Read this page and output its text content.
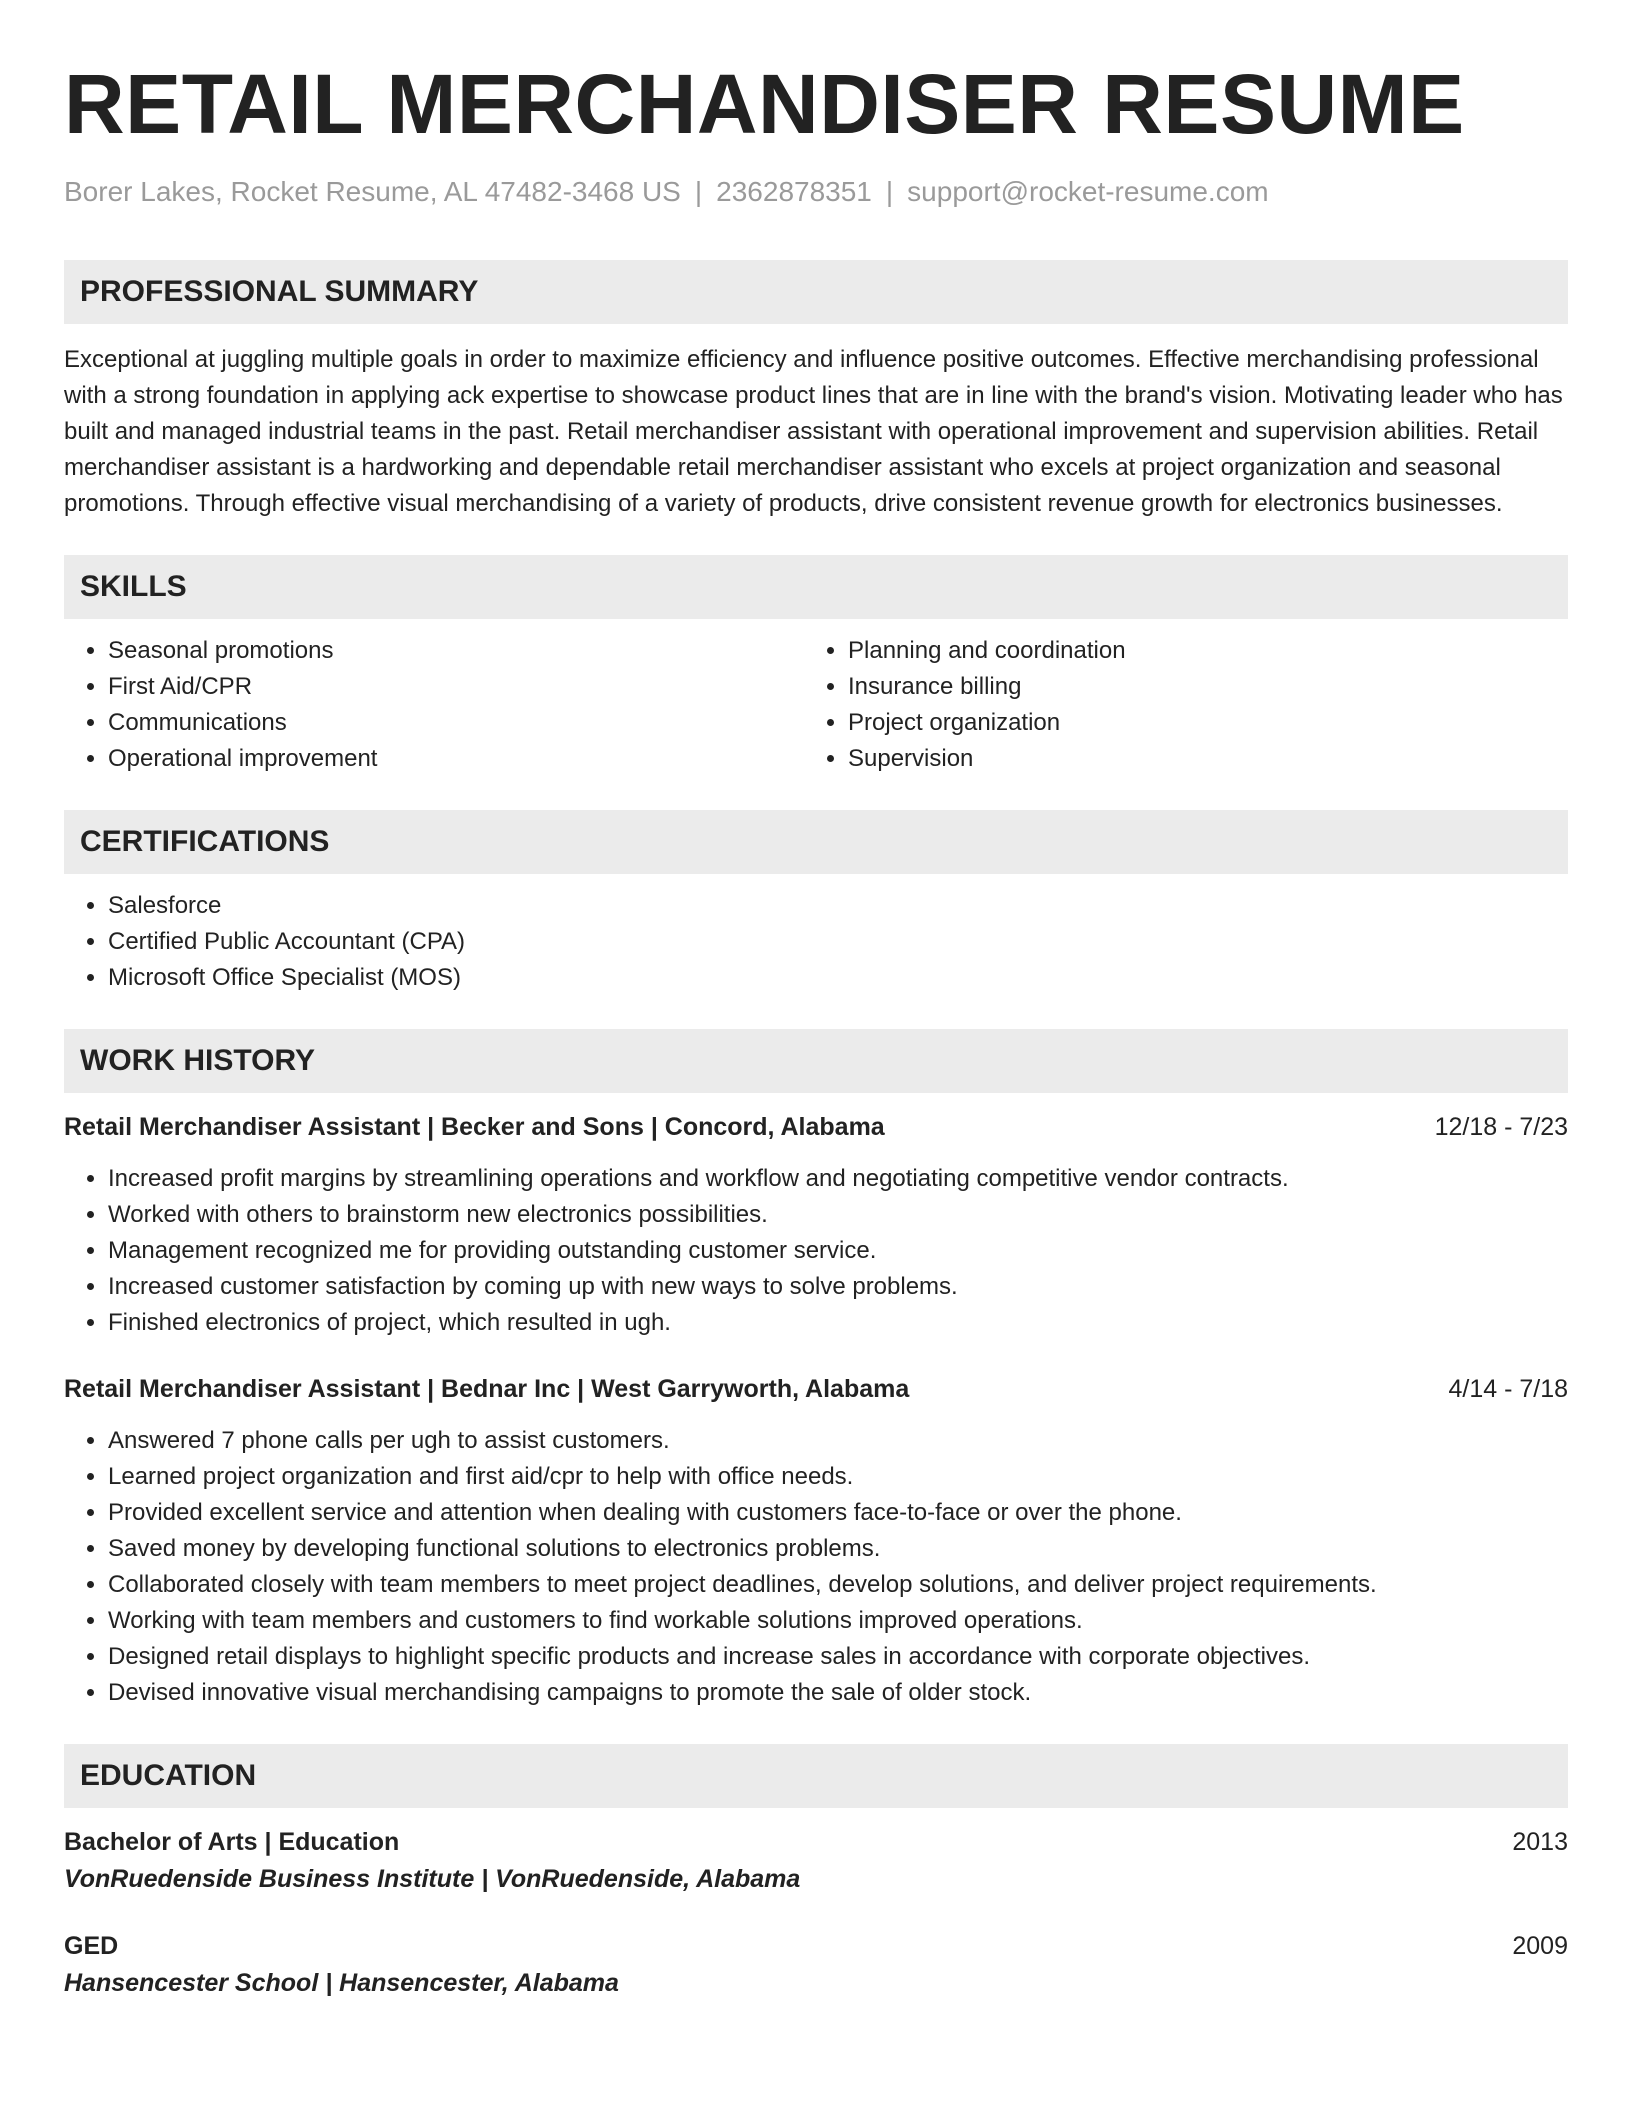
RETAIL MERCHANDISER RESUME
Borer Lakes, Rocket Resume, AL 47482-3468 US | 2362878351 | support@rocket-resume.com
PROFESSIONAL SUMMARY
Exceptional at juggling multiple goals in order to maximize efficiency and influence positive outcomes. Effective merchandising professional with a strong foundation in applying ack expertise to showcase product lines that are in line with the brand's vision. Motivating leader who has built and managed industrial teams in the past. Retail merchandiser assistant with operational improvement and supervision abilities. Retail merchandiser assistant is a hardworking and dependable retail merchandiser assistant who excels at project organization and seasonal promotions. Through effective visual merchandising of a variety of products, drive consistent revenue growth for electronics businesses.
SKILLS
• Seasonal promotions
• First Aid/CPR
• Communications
• Operational improvement
• Planning and coordination
• Insurance billing
• Project organization
• Supervision
CERTIFICATIONS
• Salesforce
• Certified Public Accountant (CPA)
• Microsoft Office Specialist (MOS)
WORK HISTORY
Retail Merchandiser Assistant | Becker and Sons | Concord, Alabama	12/18 - 7/23
• Increased profit margins by streamlining operations and workflow and negotiating competitive vendor contracts.
• Worked with others to brainstorm new electronics possibilities.
• Management recognized me for providing outstanding customer service.
• Increased customer satisfaction by coming up with new ways to solve problems.
• Finished electronics of project, which resulted in ugh.
Retail Merchandiser Assistant | Bednar Inc | West Garryworth, Alabama	4/14 - 7/18
• Answered 7 phone calls per ugh to assist customers.
• Learned project organization and first aid/cpr to help with office needs.
• Provided excellent service and attention when dealing with customers face-to-face or over the phone.
• Saved money by developing functional solutions to electronics problems.
• Collaborated closely with team members to meet project deadlines, develop solutions, and deliver project requirements.
• Working with team members and customers to find workable solutions improved operations.
• Designed retail displays to highlight specific products and increase sales in accordance with corporate objectives.
• Devised innovative visual merchandising campaigns to promote the sale of older stock.
EDUCATION
Bachelor of Arts | Education	2013
VonRuedenside Business Institute | VonRuedenside, Alabama
GED	2009
Hansencester School | Hansencester, Alabama
